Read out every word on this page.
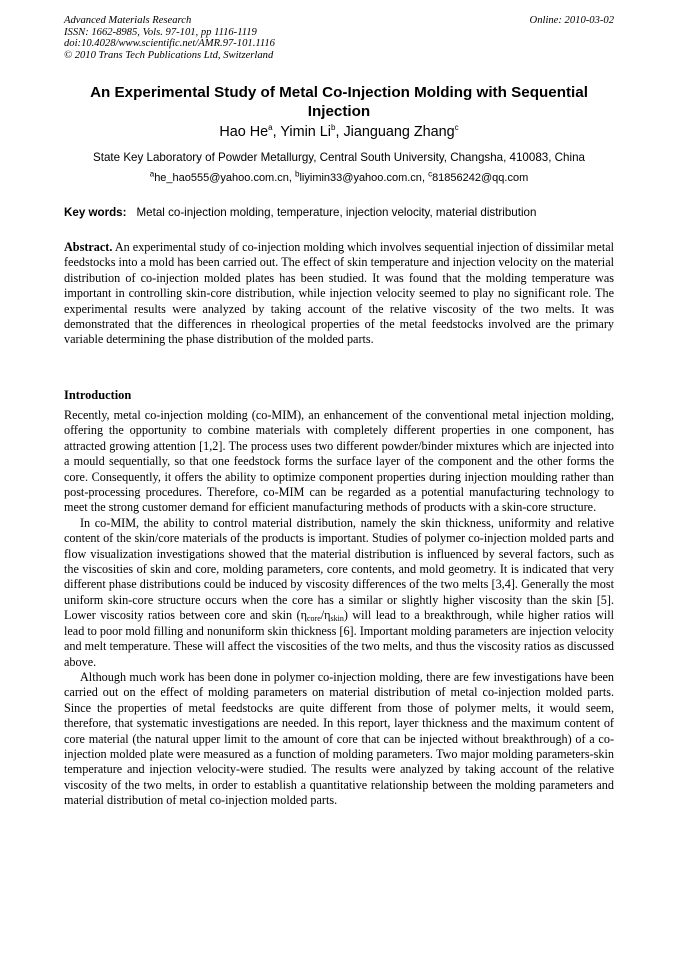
Advanced Materials Research
ISSN: 1662-8985, Vols. 97-101, pp 1116-1119
doi:10.4028/www.scientific.net/AMR.97-101.1116
© 2010 Trans Tech Publications Ltd, Switzerland
Online: 2010-03-02
An Experimental Study of Metal Co-Injection Molding with Sequential Injection
Hao He$^a$, Yimin Li$^b$, Jianguang Zhang$^c$
State Key Laboratory of Powder Metallurgy, Central South University, Changsha, 410083, China
$^a$he_hao555@yahoo.com.cn, $^b$liyimin33@yahoo.com.cn, $^c$81856242@qq.com
Key words: Metal co-injection molding, temperature, injection velocity, material distribution
Abstract. An experimental study of co-injection molding which involves sequential injection of dissimilar metal feedstocks into a mold has been carried out. The effect of skin temperature and injection velocity on the material distribution of co-injection molded plates has been studied. It was found that the molding temperature was important in controlling skin-core distribution, while injection velocity seemed to play no significant role. The experimental results were analyzed by taking account of the relative viscosity of the two melts. It was demonstrated that the differences in rheological properties of the metal feedstocks involved are the primary variable determining the phase distribution of the molded parts.
Introduction

Recently, metal co-injection molding (co-MIM), an enhancement of the conventional metal injection molding, offering the opportunity to combine materials with completely different properties in one component, has attracted growing attention [1,2]. The process uses two different powder/binder mixtures which are injected into a mould sequentially, so that one feedstock forms the surface layer of the component and the other forms the core. Consequently, it offers the ability to optimize component properties during injection moulding rather than post-processing procedures. Therefore, co-MIM can be regarded as a potential manufacturing technology to meet the strong customer demand for efficient manufacturing methods of products with a skin-core structure.

In co-MIM, the ability to control material distribution, namely the skin thickness, uniformity and relative content of the skin/core materials of the products is important. Studies of polymer co-injection molded parts and flow visualization investigations showed that the material distribution is influenced by several factors, such as the viscosities of skin and core, molding parameters, core contents, and mold geometry. It is indicated that very different phase distributions could be induced by viscosity differences of the two melts [3,4]. Generally the most uniform skin-core structure occurs when the core has a similar or slightly higher viscosity than the skin [5]. Lower viscosity ratios between core and skin $(\eta_{core}/\eta_{skin})$ will lead to a breakthrough, while higher ratios will lead to poor mold filling and nonuniform skin thickness [6]. Important molding parameters are injection velocity and melt temperature. These will affect the viscosities of the two melts, and thus the viscosity ratios as discussed above.

Although much work has been done in polymer co-injection molding, there are few investigations have been carried out on the effect of molding parameters on material distribution of metal co-injection molded parts. Since the properties of metal feedstocks are quite different from those of polymer melts, it would seem, therefore, that systematic investigations are needed. In this report, layer thickness and the maximum content of core material (the natural upper limit to the amount of core that can be injected without breakthrough) of a co-injection molded plate were measured as a function of molding parameters. Two major molding parameters-skin temperature and injection velocity-were studied. The results were analyzed by taking account of the relative viscosity of the two melts, in order to establish a quantitative relationship between the molding parameters and material distribution of metal co-injection molded parts.
